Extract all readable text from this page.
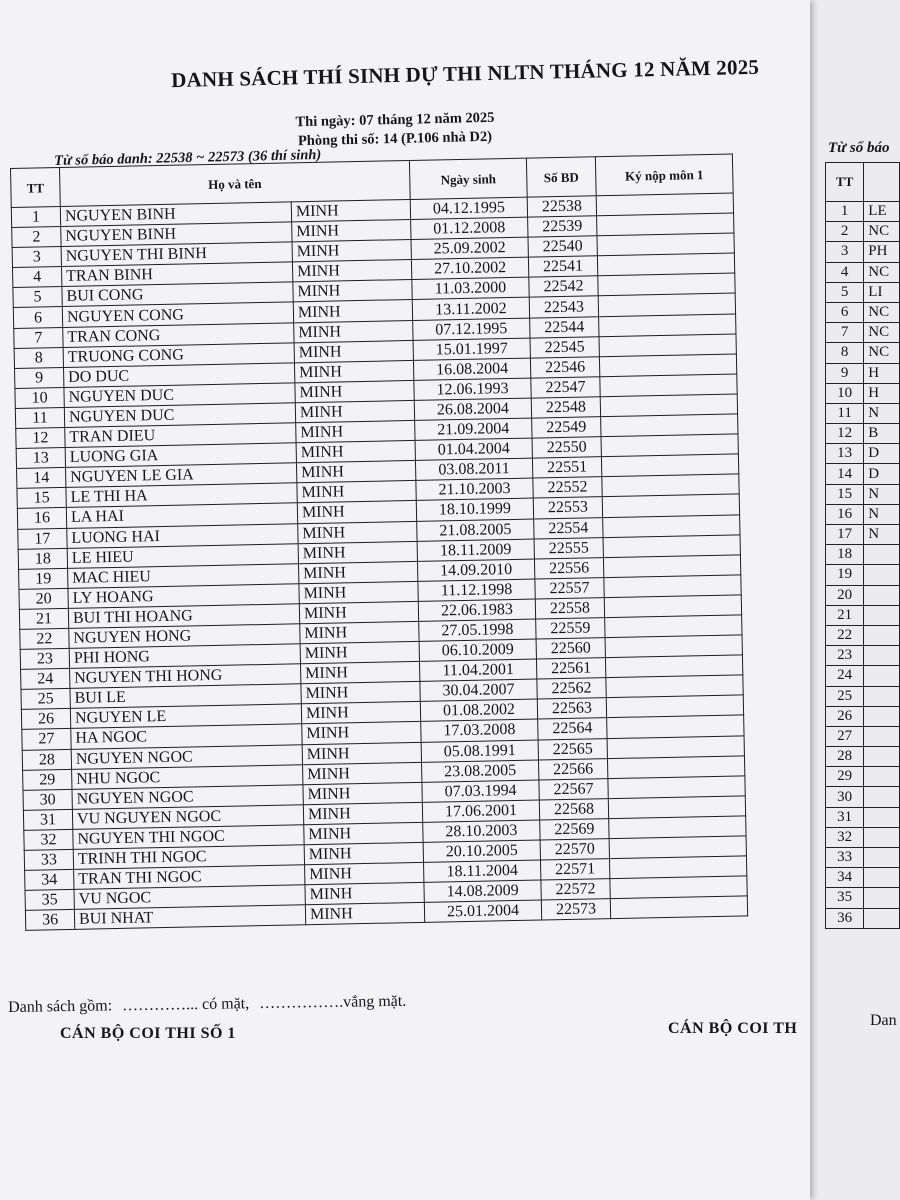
Từ số báo
TT	
1	LE
2	NC
3	PH
4	NC
5	LI
6	NC
7	NC
8	NC
9	H
10	H
11	N
12	B
13	D
14	D
15	N
16	N
17	N
18	
19	
20	
21	
22	
23	
24	
25	
26	
27	
28	
29	
30	
31	
32	
33	
34	
35	
36	
Dan
DANH SÁCH THÍ SINH DỰ THI NLTN THÁNG 12 NĂM 2025
Thi ngày: 07 tháng 12 năm 2025
Phòng thi số: 14 (P.106 nhà D2)
Từ số báo danh: 22538 ~ 22573 (36 thí sinh)
TT	Họ và tên		Ngày sinh	Số BD	Ký nộp môn 1
1	NGUYEN BINH	MINH	04.12.1995	22538	
2	NGUYEN BINH	MINH	01.12.2008	22539	
3	NGUYEN THI BINH	MINH	25.09.2002	22540	
4	TRAN BINH	MINH	27.10.2002	22541	
5	BUI CONG	MINH	11.03.2000	22542	
6	NGUYEN CONG	MINH	13.11.2002	22543	
7	TRAN CONG	MINH	07.12.1995	22544	
8	TRUONG CONG	MINH	15.01.1997	22545	
9	DO DUC	MINH	16.08.2004	22546	
10	NGUYEN DUC	MINH	12.06.1993	22547	
11	NGUYEN DUC	MINH	26.08.2004	22548	
12	TRAN DIEU	MINH	21.09.2004	22549	
13	LUONG GIA	MINH	01.04.2004	22550	
14	NGUYEN LE GIA	MINH	03.08.2011	22551	
15	LE THI HA	MINH	21.10.2003	22552	
16	LA HAI	MINH	18.10.1999	22553	
17	LUONG HAI	MINH	21.08.2005	22554	
18	LE HIEU	MINH	18.11.2009	22555	
19	MAC HIEU	MINH	14.09.2010	22556	
20	LY HOANG	MINH	11.12.1998	22557	
21	BUI THI HOANG	MINH	22.06.1983	22558	
22	NGUYEN HONG	MINH	27.05.1998	22559	
23	PHI HONG	MINH	06.10.2009	22560	
24	NGUYEN THI HONG	MINH	11.04.2001	22561	
25	BUI LE	MINH	30.04.2007	22562	
26	NGUYEN LE	MINH	01.08.2002	22563	
27	HA NGOC	MINH	17.03.2008	22564	
28	NGUYEN NGOC	MINH	05.08.1991	22565	
29	NHU NGOC	MINH	23.08.2005	22566	
30	NGUYEN NGOC	MINH	07.03.1994	22567	
31	VU NGUYEN NGOC	MINH	17.06.2001	22568	
32	NGUYEN THI NGOC	MINH	28.10.2003	22569	
33	TRINH THI NGOC	MINH	20.10.2005	22570	
34	TRAN THI NGOC	MINH	18.11.2004	22571	
35	VU NGOC	MINH	14.08.2009	22572	
36	BUI NHAT	MINH	25.01.2004	22573	
Danh sách gồm: …………... có mặt, …………….vắng mặt.
CÁN BỘ COI THI SỐ 1	CÁN BỘ COI TH
